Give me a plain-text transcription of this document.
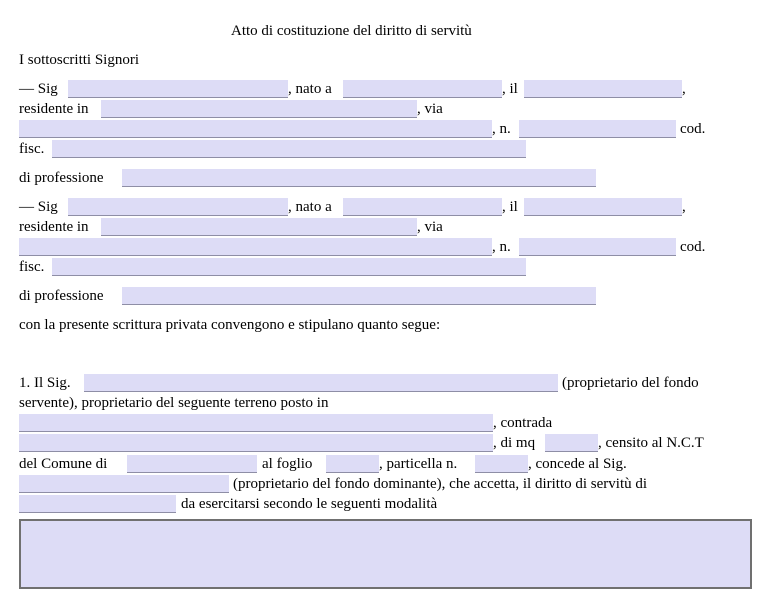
Atto di costituzione del diritto di servitù
I sottoscritti Signori
— Sig	, nato a	, il	,
residente in	, via
, n.	cod.
fisc.
di professione
— Sig	, nato a	, il	,
residente in	, via
, n.	cod.
fisc.
di professione
con la presente scrittura privata convengono e stipulano quanto segue:
1. Il Sig.	(proprietario del fondo
servente), proprietario del seguente terreno posto in
, contrada
, di mq	, censito al N.C.T
del Comune di	al foglio	, particella n.	, concede al Sig.
(proprietario del fondo dominante), che accetta, il diritto di servitù di
da esercitarsi secondo le seguenti modalità
